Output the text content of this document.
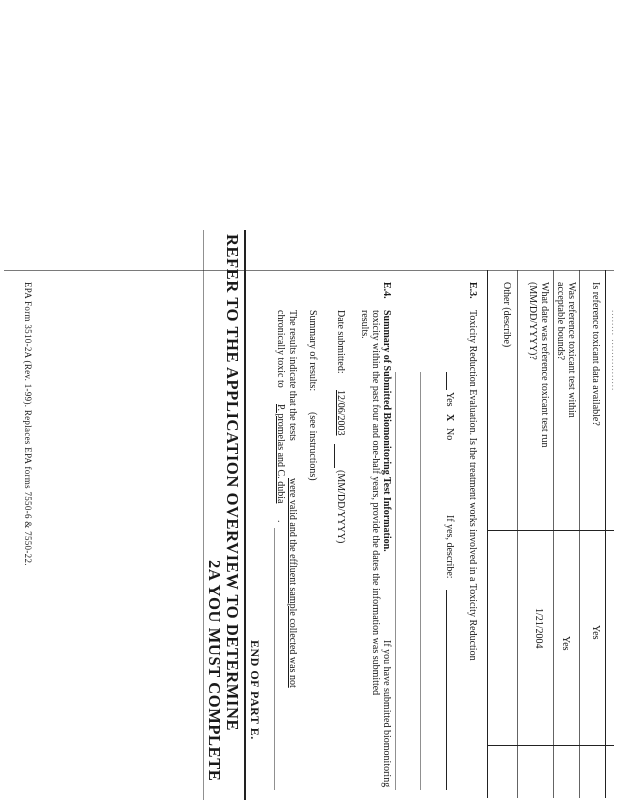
........ ................
Is reference toxicant data available?
Yes
Was reference toxicant test within
acceptable bounds?
Yes
What date was reference toxicant test run
(MM/DD/YYYY)?
1/21/2004
Other (describe)
E.3.
Toxicity Reduction Evaluation. Is the treatment works involved in a Toxicity Reduction
Yes
X
No
If yes, describe:
E.4.
Summary of Submitted Biomonitoring Test Information.
If you have submitted biomonitoring
toxicity within the past four and one-half years, provide the dates the information was submitted
results.
Date submitted:
12/06/2003
(MM/DD/YYYY)
Summary of results:
(see instructions)
The results indicate that the tests
were valid and the effluent sample collected was not
chronically toxic to
P. promelas and C. dubia
.
END OF PART E.
REFER TO THE APPLICATION OVERVIEW TO DETERMINE
2A YOU MUST COMPLETE
EPA Form 3510-2A (Rev. 1-99). Replaces EPA forms 7550-6 & 7550-22.
